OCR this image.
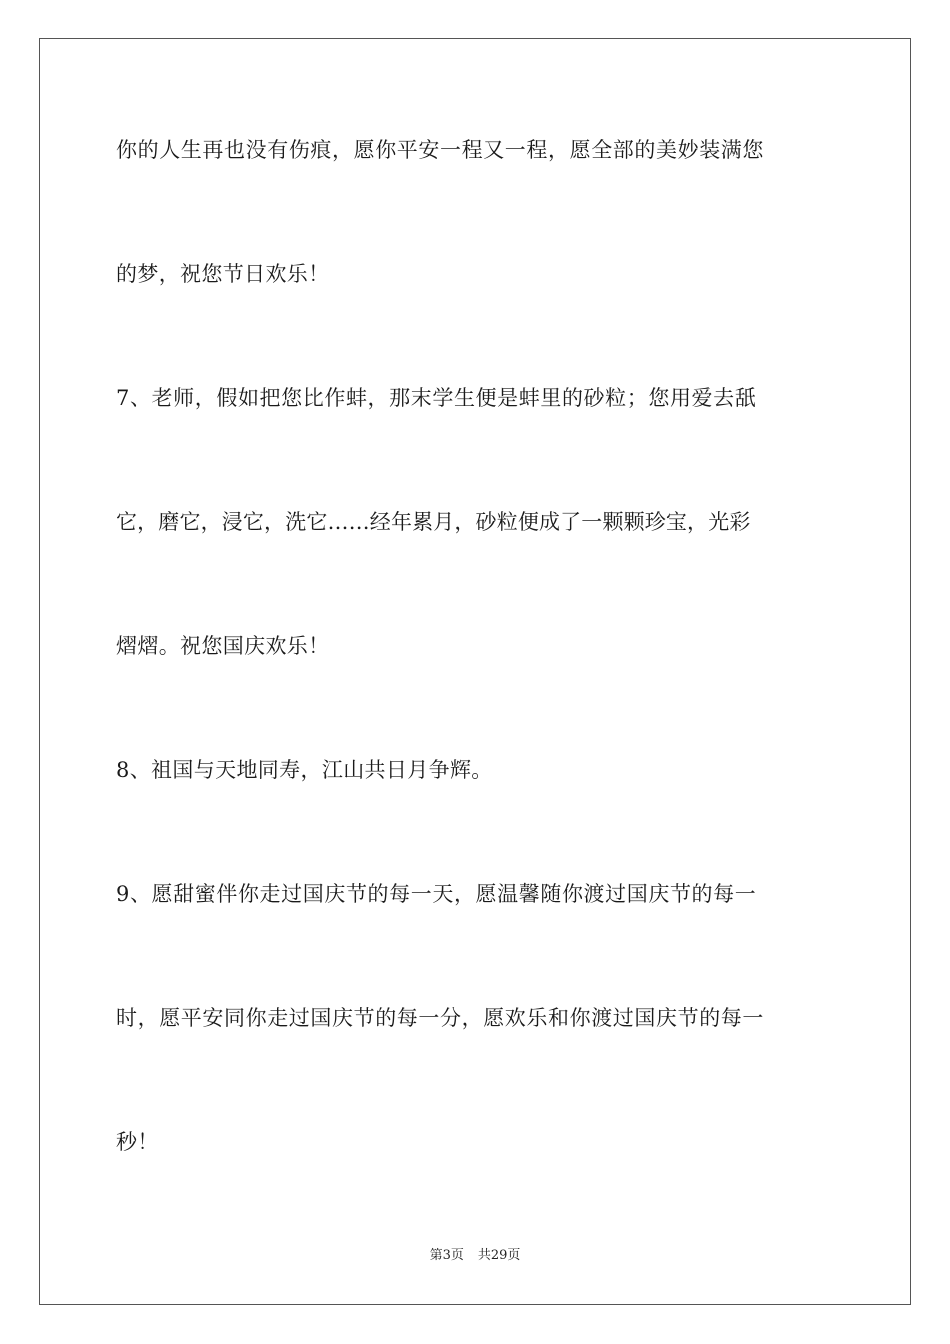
你的人生再也没有伤痕，愿你平安一程又一程，愿全部的美妙装满您
的梦，祝您节日欢乐！
7、老师，假如把您比作蚌，那末学生便是蚌里的砂粒；您用爱去舐
它，磨它，浸它，洗它……经年累月，砂粒便成了一颗颗珍宝，光彩
熠熠。祝您国庆欢乐！
8、祖国与天地同寿，江山共日月争辉。
9、愿甜蜜伴你走过国庆节的每一天，愿温馨随你渡过国庆节的每一
时，愿平安同你走过国庆节的每一分，愿欢乐和你渡过国庆节的每一
秒！
第3页 共29页
